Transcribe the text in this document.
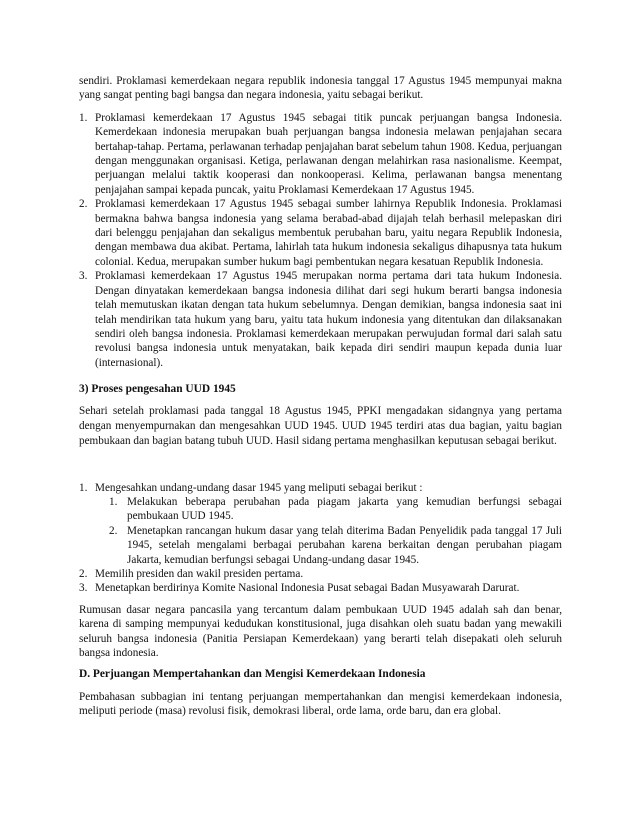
sendiri. Proklamasi kemerdekaan negara republik indonesia tanggal 17 Agustus 1945 mempunyai makna yang sangat penting bagi bangsa dan negara indonesia, yaitu sebagai berikut.

1. Proklamasi kemerdekaan 17 Agustus 1945 sebagai titik puncak perjuangan bangsa Indonesia. Kemerdekaan indonesia merupakan buah perjuangan bangsa indonesia melawan penjajahan secara bertahap-tahap. Pertama, perlawanan terhadap penjajahan barat sebelum tahun 1908. Kedua, perjuangan dengan menggunakan organisasi. Ketiga, perlawanan dengan melahirkan rasa nasionalisme. Keempat, perjuangan melalui taktik kooperasi dan nonkooperasi. Kelima, perlawanan bangsa menentang penjajahan sampai kepada puncak, yaitu Proklamasi Kemerdekaan 17 Agustus 1945.
2. Proklamasi kemerdekaan 17 Agustus 1945 sebagai sumber lahirnya Republik Indonesia. Proklamasi bermakna bahwa bangsa indonesia yang selama berabad-abad dijajah telah berhasil melepaskan diri dari belenggu penjajahan dan sekaligus membentuk perubahan baru, yaitu negara Republik Indonesia, dengan membawa dua akibat. Pertama, lahirlah tata hukum indonesia sekaligus dihapusnya tata hukum colonial. Kedua, merupakan sumber hukum bagi pembentukan negara kesatuan Republik Indonesia.
3. Proklamasi kemerdekaan 17 Agustus 1945 merupakan norma pertama dari tata hukum Indonesia. Dengan dinyatakan kemerdekaan bangsa indonesia dilihat dari segi hukum berarti bangsa indonesia telah memutuskan ikatan dengan tata hukum sebelumnya. Dengan demikian, bangsa indonesia saat ini telah mendirikan tata hukum yang baru, yaitu tata hukum indonesia yang ditentukan dan dilaksanakan sendiri oleh bangsa indonesia. Proklamasi kemerdekaan merupakan perwujudan formal dari salah satu revolusi bangsa indonesia untuk menyatakan, baik kepada diri sendiri maupun kepada dunia luar (internasional).
3) Proses pengesahan UUD 1945

Sehari setelah proklamasi pada tanggal 18 Agustus 1945, PPKI mengadakan sidangnya yang pertama dengan menyempurnakan dan mengesahkan UUD 1945. UUD 1945 terdiri atas dua bagian, yaitu bagian pembukaan dan bagian batang tubuh UUD. Hasil sidang pertama menghasilkan keputusan sebagai berikut.

1. Mengesahkan undang-undang dasar 1945 yang meliputi sebagai berikut :
1. Melakukan beberapa perubahan pada piagam jakarta yang kemudian berfungsi sebagai pembukaan UUD 1945.
2. Menetapkan rancangan hukum dasar yang telah diterima Badan Penyelidik pada tanggal 17 Juli 1945, setelah mengalami berbagai perubahan karena berkaitan dengan perubahan piagam Jakarta, kemudian berfungsi sebagai Undang-undang dasar 1945.
2. Memilih presiden dan wakil presiden pertama.
3. Menetapkan berdirinya Komite Nasional Indonesia Pusat sebagai Badan Musyawarah Darurat.

Rumusan dasar negara pancasila yang tercantum dalam pembukaan UUD 1945 adalah sah dan benar, karena di samping mempunyai kedudukan konstitusional, juga disahkan oleh suatu badan yang mewakili seluruh bangsa indonesia (Panitia Persiapan Kemerdekaan) yang berarti telah disepakati oleh seluruh bangsa indonesia.

D. Perjuangan Mempertahankan dan Mengisi Kemerdekaan Indonesia

Pembahasan subbagian ini tentang perjuangan mempertahankan dan mengisi kemerdekaan indonesia, meliputi periode (masa) revolusi fisik, demokrasi liberal, orde lama, orde baru, dan era global.
